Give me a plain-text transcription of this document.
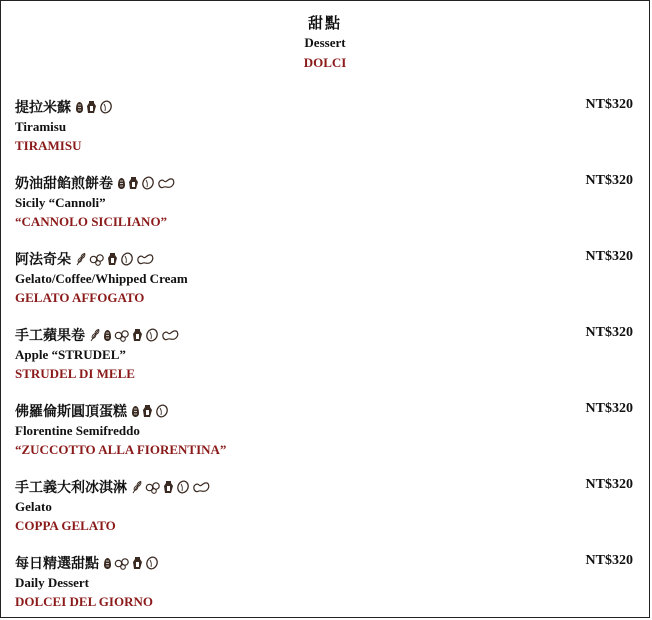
甜點
Dessert
DOLCI
提拉米蘇	NT$320
Tiramisu
TIRAMISU
奶油甜餡煎餅卷	NT$320
Sicily “Cannoli”
“CANNOLO SICILIANO”
阿法奇朵	NT$320
Gelato/Coffee/Whipped Cream
GELATO AFFOGATO
手工蘋果卷	NT$320
Apple “STRUDEL”
STRUDEL DI MELE
佛羅倫斯圓頂蛋糕	NT$320
Florentine Semifreddo
“ZUCCOTTO ALLA FIORENTINA”
手工義大利冰淇淋	NT$320
Gelato
COPPA GELATO
每日精選甜點	NT$320
Daily Dessert
DOLCEI DEL GIORNO
